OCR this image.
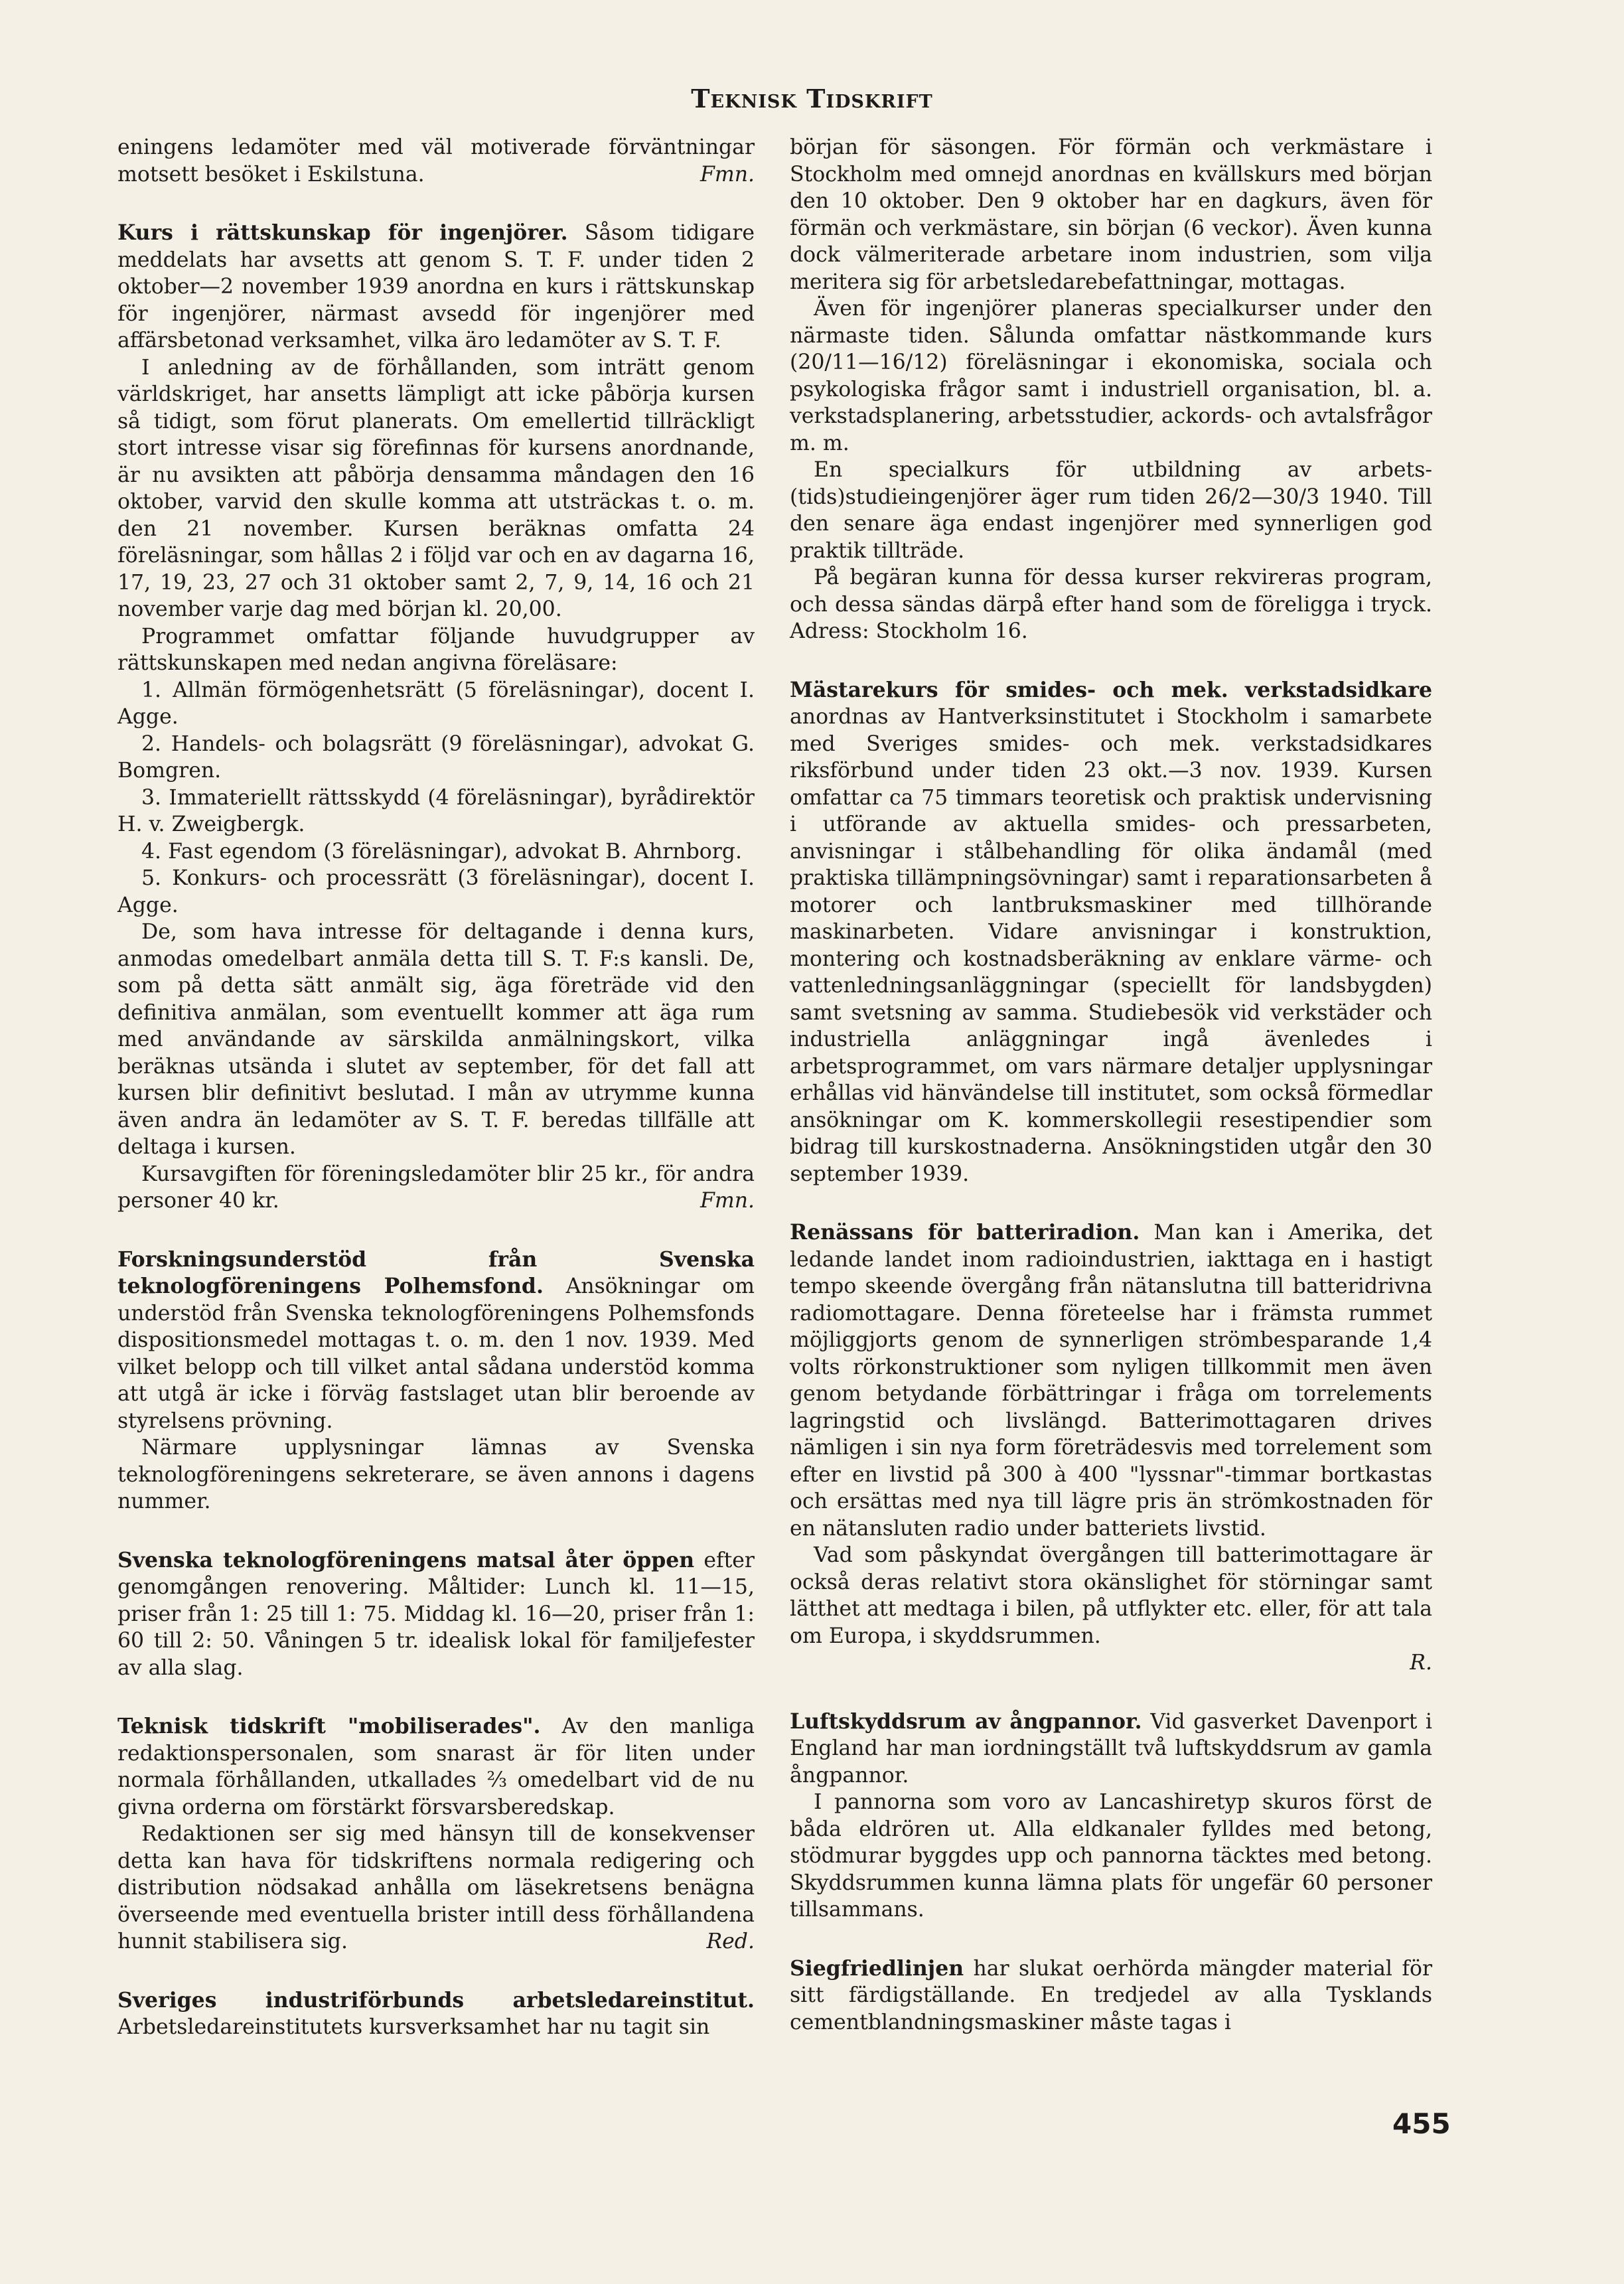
Teknisk Tidskrift

eningens ledamöter med väl motiverade förväntningar motsett besöket i Eskilstuna.	Fmn.

Kurs i rättskunskap för ingenjörer. Såsom tidigare meddelats har avsetts att genom S. T. F. under tiden 2 oktober—2 november 1939 anordna en kurs i rättskunskap för ingenjörer, närmast avsedd för ingenjörer med affärsbetonad verksamhet, vilka äro ledamöter av S. T. F.

I anledning av de förhållanden, som inträtt genom världskriget, har ansetts lämpligt att icke påbörja kursen så tidigt, som förut planerats. Om emellertid tillräckligt stort intresse visar sig förefinnas för kursens anordnande, är nu avsikten att påbörja densamma måndagen den 16 oktober, varvid den skulle komma att utsträckas t. o. m. den 21 november. Kursen beräknas omfatta 24 föreläsningar, som hållas 2 i följd var och en av dagarna 16, 17, 19, 23, 27 och 31 oktober samt 2, 7, 9, 14, 16 och 21 november varje dag med början kl. 20,00.

Programmet omfattar följande huvudgrupper av rättskunskapen med nedan angivna föreläsare:

1. Allmän förmögenhetsrätt (5 föreläsningar), docent I. Agge.

2. Handels- och bolagsrätt (9 föreläsningar), advokat G. Bomgren.

3. Immateriellt rättsskydd (4 föreläsningar), byrådirektör H. v. Zweigbergk.

4. Fast egendom (3 föreläsningar), advokat B. Ahrnborg.

5. Konkurs- och processrätt (3 föreläsningar), docent I. Agge.

De, som hava intresse för deltagande i denna kurs, anmodas omedelbart anmäla detta till S. T. F:s kansli. De, som på detta sätt anmält sig, äga företräde vid den definitiva anmälan, som eventuellt kommer att äga rum med användande av särskilda anmälningskort, vilka beräknas utsända i slutet av september, för det fall att kursen blir definitivt beslutad. I mån av utrymme kunna även andra än ledamöter av S. T. F. beredas tillfälle att deltaga i kursen.

Kursavgiften för föreningsledamöter blir 25 kr., för andra personer 40 kr.	Fmn.

Forskningsunderstöd från Svenska teknologföreningens Polhemsfond. Ansökningar om understöd från Svenska teknologföreningens Polhemsfonds dispositionsmedel mottagas t. o. m. den 1 nov. 1939. Med vilket belopp och till vilket antal sådana understöd komma att utgå är icke i förväg fastslaget utan blir beroende av styrelsens prövning.

Närmare upplysningar lämnas av Svenska teknologföreningens sekreterare, se även annons i dagens nummer.

Svenska teknologföreningens matsal åter öppen efter genomgången renovering. Måltider: Lunch kl. 11—15, priser från 1: 25 till 1: 75. Middag kl. 16—20, priser från 1: 60 till 2: 50. Våningen 5 tr. idealisk lokal för familjefester av alla slag.

Teknisk tidskrift "mobiliserades". Av den manliga redaktionspersonalen, som snarast är för liten under normala förhållanden, utkallades ⅔ omedelbart vid de nu givna orderna om förstärkt försvarsberedskap.

Redaktionen ser sig med hänsyn till de konsekvenser detta kan hava för tidskriftens normala redigering och distribution nödsakad anhålla om läsekretsens benägna överseende med eventuella brister intill dess förhållandena hunnit stabilisera sig.	Red.

Sveriges industriförbunds arbetsledareinstitut. Arbetsledareinstitutets kursverksamhet har nu tagit sin

början för säsongen. För förmän och verkmästare i Stockholm med omnejd anordnas en kvällskurs med början den 10 oktober. Den 9 oktober har en dagkurs, även för förmän och verkmästare, sin början (6 veckor). Även kunna dock välmeriterade arbetare inom industrien, som vilja meritera sig för arbetsledarebefattningar, mottagas.

Även för ingenjörer planeras specialkurser under den närmaste tiden. Sålunda omfattar nästkommande kurs (20/11—16/12) föreläsningar i ekonomiska, sociala och psykologiska frågor samt i industriell organisation, bl. a. verkstadsplanering, arbetsstudier, ackords- och avtalsfrågor m. m.

En specialkurs för utbildning av arbets-(tids)studieingenjörer äger rum tiden 26/2—30/3 1940. Till den senare äga endast ingenjörer med synnerligen god praktik tillträde.

På begäran kunna för dessa kurser rekvireras program, och dessa sändas därpå efter hand som de föreligga i tryck. Adress: Stockholm 16.

Mästarekurs för smides- och mek. verkstadsidkare anordnas av Hantverksinstitutet i Stockholm i samarbete med Sveriges smides- och mek. verkstadsidkares riksförbund under tiden 23 okt.—3 nov. 1939. Kursen omfattar ca 75 timmars teoretisk och praktisk undervisning i utförande av aktuella smides- och pressarbeten, anvisningar i stålbehandling för olika ändamål (med praktiska tillämpningsövningar) samt i reparationsarbeten å motorer och lantbruksmaskiner med tillhörande maskinarbeten. Vidare anvisningar i konstruktion, montering och kostnadsberäkning av enklare värme- och vattenledningsanläggningar (speciellt för landsbygden) samt svetsning av samma. Studiebesök vid verkstäder och industriella anläggningar ingå ävenledes i arbetsprogrammet, om vars närmare detaljer upplysningar erhållas vid hänvändelse till institutet, som också förmedlar ansökningar om K. kommerskollegii resestipendier som bidrag till kurskostnaderna. Ansökningstiden utgår den 30 september 1939.

Renässans för batteriradion. Man kan i Amerika, det ledande landet inom radioindustrien, iakttaga en i hastigt tempo skeende övergång från nätanslutna till batteridrivna radiomottagare. Denna företeelse har i främsta rummet möjliggjorts genom de synnerligen strömbesparande 1,4 volts rörkonstruktioner som nyligen tillkommit men även genom betydande förbättringar i fråga om torrelements lagringstid och livslängd. Batterimottagaren drives nämligen i sin nya form företrädesvis med torrelement som efter en livstid på 300 à 400 "lyssnar"-timmar bortkastas och ersättas med nya till lägre pris än strömkostnaden för en nätansluten radio under batteriets livstid.

Vad som påskyndat övergången till batterimottagare är också deras relativt stora okänslighet för störningar samt lätthet att medtaga i bilen, på utflykter etc. eller, för att tala om Europa, i skyddsrummen.

R.

Luftskyddsrum av ångpannor. Vid gasverket Davenport i England har man iordningställt två luftskyddsrum av gamla ångpannor.

I pannorna som voro av Lancashiretyp skuros först de båda eldrören ut. Alla eldkanaler fylldes med betong, stödmurar byggdes upp och pannorna täcktes med betong. Skyddsrummen kunna lämna plats för ungefär 60 personer tillsammans.

Siegfriedlinjen har slukat oerhörda mängder material för sitt färdigställande. En tredjedel av alla Tysklands cementblandningsmaskiner måste tagas i

455
